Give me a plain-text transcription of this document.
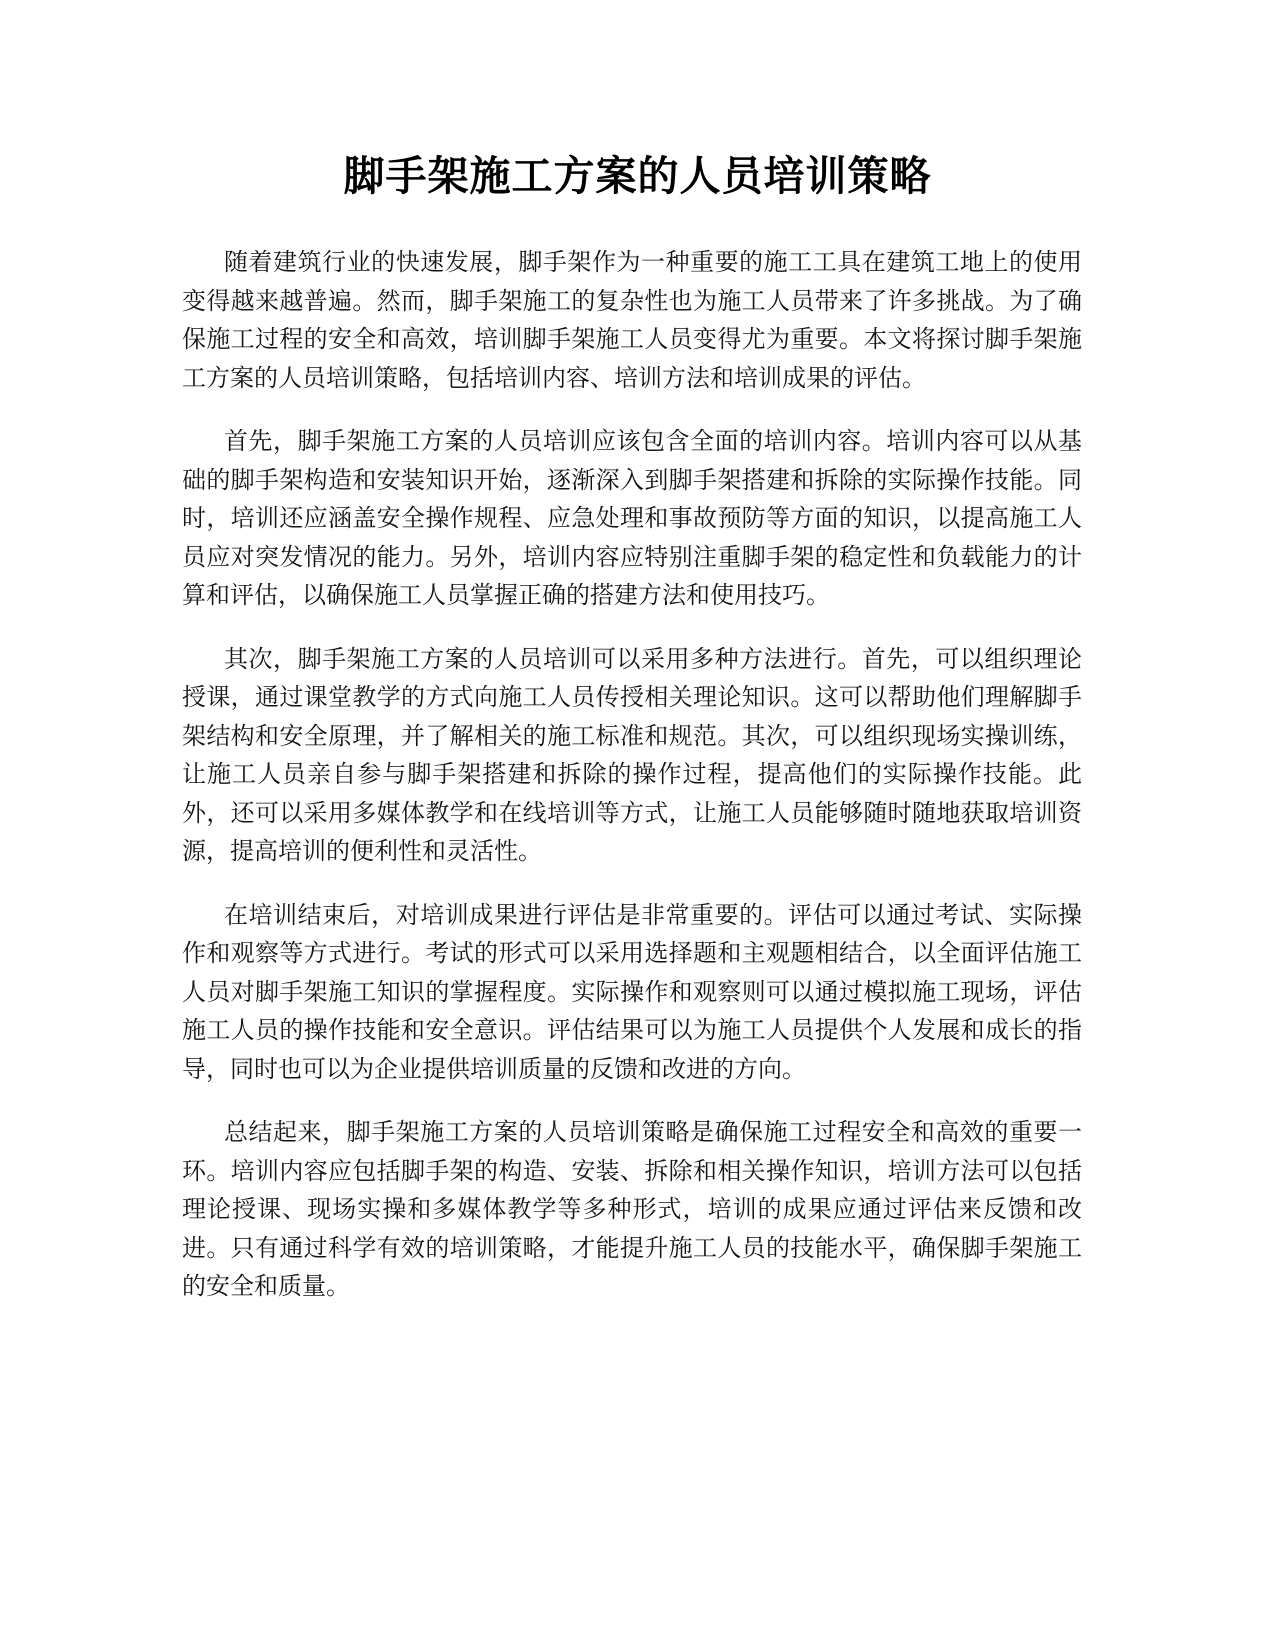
脚手架施工方案的人员培训策略

随着建筑行业的快速发展，脚手架作为一种重要的施工工具在建筑工地上的使用变得越来越普遍。然而，脚手架施工的复杂性也为施工人员带来了许多挑战。为了确保施工过程的安全和高效，培训脚手架施工人员变得尤为重要。本文将探讨脚手架施工方案的人员培训策略，包括培训内容、培训方法和培训成果的评估。

首先，脚手架施工方案的人员培训应该包含全面的培训内容。培训内容可以从基础的脚手架构造和安装知识开始，逐渐深入到脚手架搭建和拆除的实际操作技能。同时，培训还应涵盖安全操作规程、应急处理和事故预防等方面的知识，以提高施工人员应对突发情况的能力。另外，培训内容应特别注重脚手架的稳定性和负载能力的计算和评估，以确保施工人员掌握正确的搭建方法和使用技巧。

其次，脚手架施工方案的人员培训可以采用多种方法进行。首先，可以组织理论授课，通过课堂教学的方式向施工人员传授相关理论知识。这可以帮助他们理解脚手架结构和安全原理，并了解相关的施工标准和规范。其次，可以组织现场实操训练，让施工人员亲自参与脚手架搭建和拆除的操作过程，提高他们的实际操作技能。此外，还可以采用多媒体教学和在线培训等方式，让施工人员能够随时随地获取培训资源，提高培训的便利性和灵活性。

在培训结束后，对培训成果进行评估是非常重要的。评估可以通过考试、实际操作和观察等方式进行。考试的形式可以采用选择题和主观题相结合，以全面评估施工人员对脚手架施工知识的掌握程度。实际操作和观察则可以通过模拟施工现场，评估施工人员的操作技能和安全意识。评估结果可以为施工人员提供个人发展和成长的指导，同时也可以为企业提供培训质量的反馈和改进的方向。

总结起来，脚手架施工方案的人员培训策略是确保施工过程安全和高效的重要一环。培训内容应包括脚手架的构造、安装、拆除和相关操作知识，培训方法可以包括理论授课、现场实操和多媒体教学等多种形式，培训的成果应通过评估来反馈和改进。只有通过科学有效的培训策略，才能提升施工人员的技能水平，确保脚手架施工的安全和质量。
